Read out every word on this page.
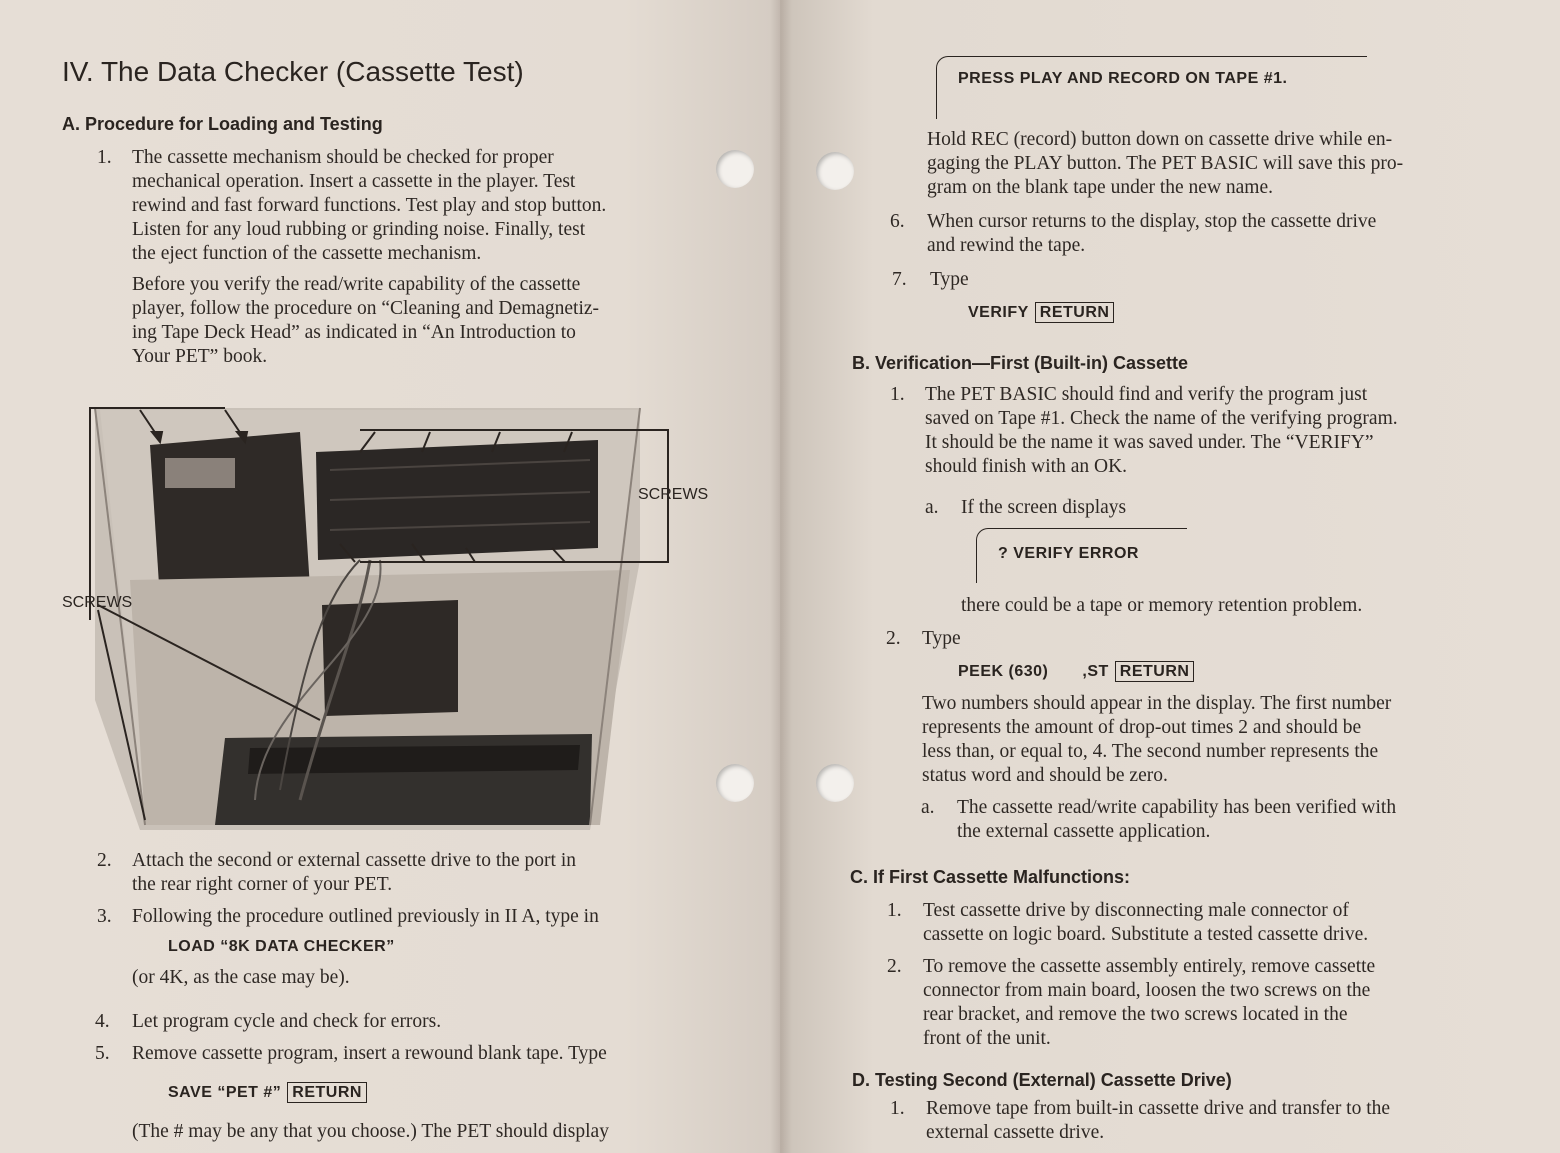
IV. The Data Checker (Cassette Test)
A. Procedure for Loading and Testing
1. The cassette mechanism should be checked for proper
mechanical operation. Insert a cassette in the player. Test
rewind and fast forward functions. Test play and stop button.
Listen for any loud rubbing or grinding noise. Finally, test
the eject function of the cassette mechanism.
Before you verify the read/write capability of the cassette
player, follow the procedure on “Cleaning and Demagnetiz-
ing Tape Deck Head” as indicated in “An Introduction to
Your PET” book.
SCREWS
SCREWS
2. Attach the second or external cassette drive to the port in
the rear right corner of your PET.
3. Following the procedure outlined previously in II A, type in
LOAD “8K DATA CHECKER”
(or 4K, as the case may be).
4. Let program cycle and check for errors.
5. Remove cassette program, insert a rewound blank tape. Type
SAVE “PET #” RETURN
(The # may be any that you choose.) The PET should display
PRESS PLAY AND RECORD ON TAPE #1.
Hold REC (record) button down on cassette drive while en-
gaging the PLAY button. The PET BASIC will save this pro-
gram on the blank tape under the new name.
6. When cursor returns to the display, stop the cassette drive
and rewind the tape.
7. Type
VERIFY RETURN
B. Verification—First (Built-in) Cassette
1. The PET BASIC should find and verify the program just
saved on Tape #1. Check the name of the verifying program.
It should be the name it was saved under. The “VERIFY”
should finish with an OK.
a. If the screen displays
? VERIFY ERROR
there could be a tape or memory retention problem.
2. Type
PEEK (630) ,ST RETURN
Two numbers should appear in the display. The first number
represents the amount of drop-out times 2 and should be
less than, or equal to, 4. The second number represents the
status word and should be zero.
a. The cassette read/write capability has been verified with
the external cassette application.
C. If First Cassette Malfunctions:
1. Test cassette drive by disconnecting male connector of
cassette on logic board. Substitute a tested cassette drive.
2. To remove the cassette assembly entirely, remove cassette
connector from main board, loosen the two screws on the
rear bracket, and remove the two screws located in the
front of the unit.
D. Testing Second (External) Cassette Drive)
1. Remove tape from built-in cassette drive and transfer to the
external cassette drive.
